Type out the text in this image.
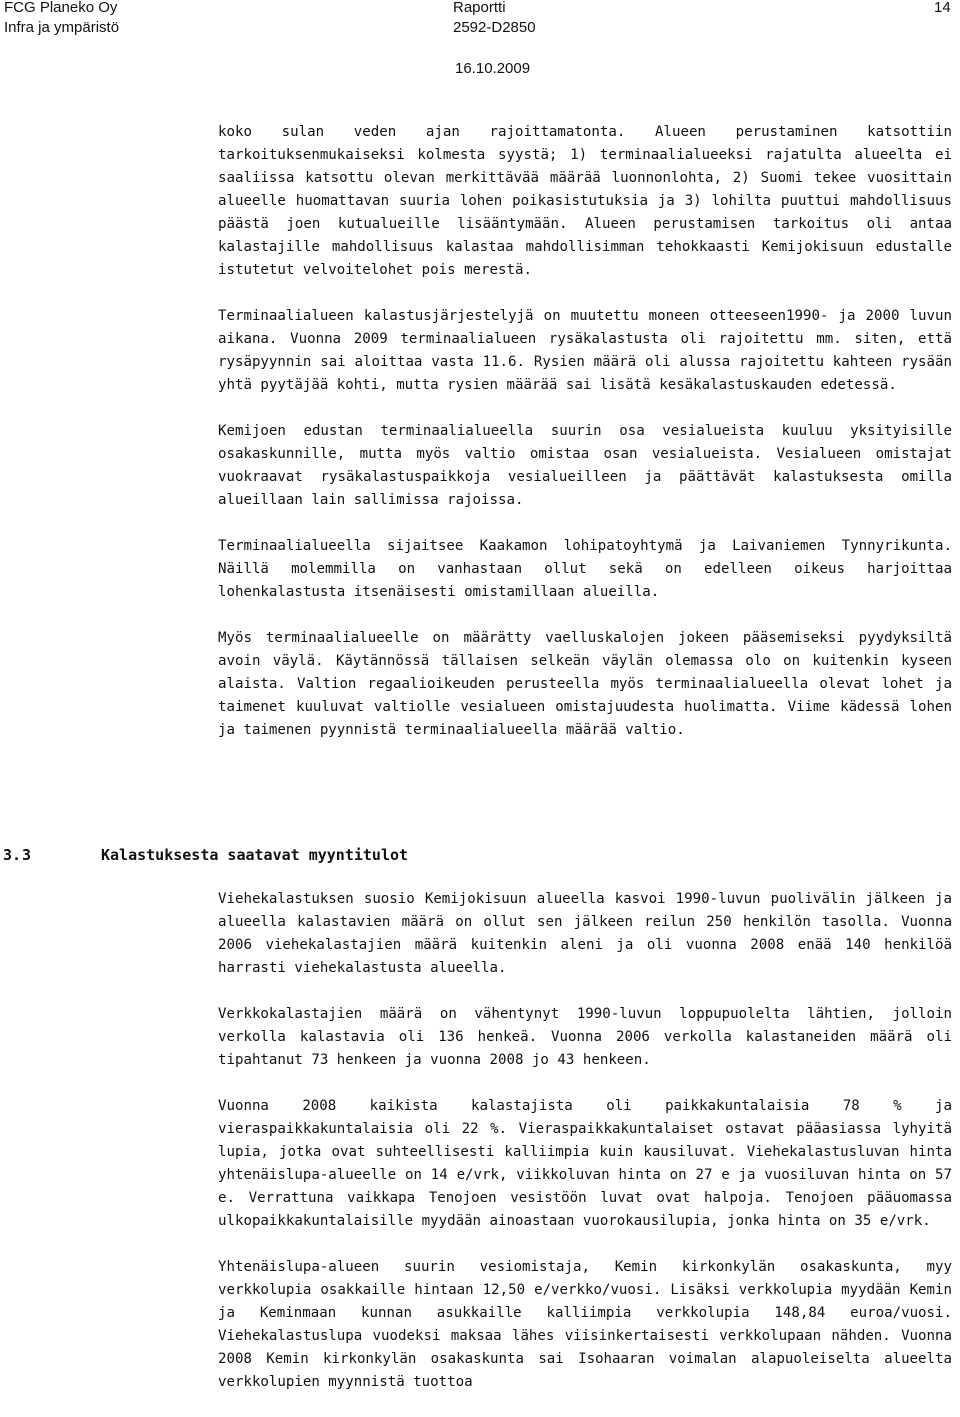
FCG Planeko Oy
Infra ja ympäristö
Raportti
2592-D2850
16.10.2009
14

koko sulan veden ajan rajoittamatonta. Alueen perustaminen katsottiin tarkoituksenmukaiseksi kolmesta syystä; 1) terminaalialueeksi rajatulta alueelta ei saaliissa katsottu olevan merkittävää määrää luonnonlohta, 2) Suomi tekee vuosittain alueelle huomattavan suuria lohen poikasistutuksia ja 3) lohilta puuttui mahdollisuus päästä joen kutualueille lisääntymään. Alueen perustamisen tarkoitus oli antaa kalastajille mahdollisuus kalastaa mahdollisimman tehokkaasti Kemijokisuun edustalle istutetut velvoitelohet pois merestä.

Terminaalialueen kalastusjärjestelyjä on muutettu moneen otteeseen1990- ja 2000 luvun aikana. Vuonna 2009 terminaalialueen rysäkalastusta oli rajoitettu mm. siten, että rysäpyynnin sai aloittaa vasta 11.6. Rysien määrä oli alussa rajoitettu kahteen rysään yhtä pyytäjää kohti, mutta rysien määrää sai lisätä kesäkalastuskauden edetessä.

Kemijoen edustan terminaalialueella suurin osa vesialueista kuuluu yksityisille osakaskunnille, mutta myös valtio omistaa osan vesialueista. Vesialueen omistajat vuokraavat rysäkalastuspaikkoja vesialueilleen ja päättävät kalastuksesta omilla alueillaan lain sallimissa rajoissa.

Terminaalialueella sijaitsee Kaakamon lohipatoyhtymä ja Laivaniemen Tynnyrikunta. Näillä molemmilla on vanhastaan ollut sekä on edelleen oikeus harjoittaa lohenkalastusta itsenäisesti omistamillaan alueilla.

Myös terminaalialueelle on määrätty vaelluskalojen jokeen pääsemiseksi pyydyksiltä avoin väylä. Käytännössä tällaisen selkeän väylän olemassa olo on kuitenkin kyseen alaista. Valtion regaalioikeuden perusteella myös terminaalialueella olevat lohet ja taimenet kuuluvat valtiolle vesialueen omistajuudesta huolimatta. Viime kädessä lohen ja taimenen pyynnistä terminaalialueella määrää valtio.

3. 3	Kalastuksesta saatavat myyntitulot

Viehekalastuksen suosio Kemijokisuun alueella kasvoi 1990-luvun puolivälin jälkeen ja alueella kalastavien määrä on ollut sen jälkeen reilun 250 henkilön tasolla. Vuonna 2006 viehekalastajien määrä kuitenkin aleni ja oli vuonna 2008 enää 140 henkilöä harrasti viehekalastusta alueella.

Verkkokalastajien määrä on vähentynyt 1990-luvun loppupuolelta lähtien, jolloin verkolla kalastavia oli 136 henkeä. Vuonna 2006 verkolla kalastaneiden määrä oli tipahtanut 73 henkeen ja vuonna 2008 jo 43 henkeen.

Vuonna 2008 kaikista kalastajista oli paikkakuntalaisia 78 % ja vieraspaikkakuntalaisia oli 22 %. Vieraspaikkakuntalaiset ostavat pääasiassa lyhyitä lupia, jotka ovat suhteellisesti kalliimpia kuin kausiluvat. Viehekalastusluvan hinta yhtenäislupa-alueelle on 14 e/vrk, viikkoluvan hinta on 27 e ja vuosiluvan hinta on 57 e. Verrattuna vaikkapa Tenojoen vesistöön luvat ovat halpoja. Tenojoen pääuomassa ulkopaikkakuntalaisille myydään ainoastaan vuorokausilupia, jonka hinta on 35 e/vrk.

Yhtenäislupa-alueen suurin vesiomistaja, Kemin kirkonkylän osakaskunta, myy verkkolupia osakkaille hintaan 12,50 e/verkko/vuosi. Lisäksi verkkolupia myydään Kemin ja Keminmaan kunnan asukkaille kalliimpia verkkolupia 148,84 euroa/vuosi. Viehekalastuslupa vuodeksi maksaa lähes viisinkertaisesti verkkolupaan nähden. Vuonna 2008 Kemin kirkonkylän osakaskunta sai Isohaaran voimalan alapuoleiselta alueelta verkkolupien myynnistä tuottoa
